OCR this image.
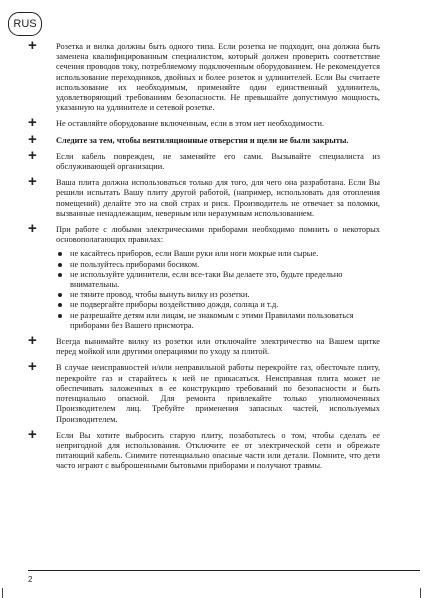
RUS
+ Розетка и вилка должны быть одного типа. Если розетка не подходит, она должна быть заменена квалифицированным специалистом, который должен проверить соответствие сечения проводов току, потребляемому подключенным оборудованием. Не рекомендуется использование переходников, двойных и более розеток и удлинителей. Если Вы считаете использование их необходимым, применяйте один единственный удлинитель, удовлетворяющий требованиям безопасности. Не превышайте допустимую мощность, указанную на удлинителе и сетевой розетке.

+ Не оставляйте оборудование включенным, если в этом нет необходимости.

+ Следите за тем, чтобы вентиляционные отверстия и щели не были закрыты.

+ Если кабель поврежден, не заменяйте его сами. Вызывайте специалиста из обслуживающей организации.

+ Ваша плита должна использоваться только для того, для чего она разработана. Если Вы решили испытать Вашу плиту другой работой, (например, использовать для отопления помещений) делайте это на свой страх и риск. Производитель не отвечает за поломки, вызванные ненадлежащим, неверным или неразумным использованием.

+ При работе с любыми электрическими приборами необходимо помнить о некоторых основополагающих правилах:

не касайтесь приборов, если Ваши руки или ноги мокрые или сырые.
не пользуйтесь приборами босиком.
не используйте удлинители, если все-таки Вы делаете это, будьте предельно внимательны.
не тяните провод, чтобы вынуть вилку из розетки.
не подвергайте приборы воздействию дождя, солнца и т.д.
не разрешайте детям или лицам, не знакомым с этими Правилами пользоваться приборами без Вашего присмотра.
+ Всегда вынимайте вилку из розетки или отключайте электричество на Вашем щитке перед мойкой или другими операциями по уходу за плитой.

+ В случае неисправностей и/или неправильной работы перекройте газ, обесточьте плиту, перекройте газ и старайтесь к ней не прикасаться. Неисправная плита может не обеспечивать заложенных в ее конструкцию требований по безопасности и быть потенциально опасной. Для ремонта привлекайте только уполномоченных Производителем лиц. Требуйте применения запасных частей, используемых Производителем.

+ Если Вы хотите выбросить старую плиту, позаботьтесь о том, чтобы сделать ее непригодной для использования. Отключите ее от электрической сети и обрежьте питающий кабель. Снимите потенциально опасные части или детали. Помните, что дети часто играют с выброшенными бытовыми приборами и получают травмы.

2
